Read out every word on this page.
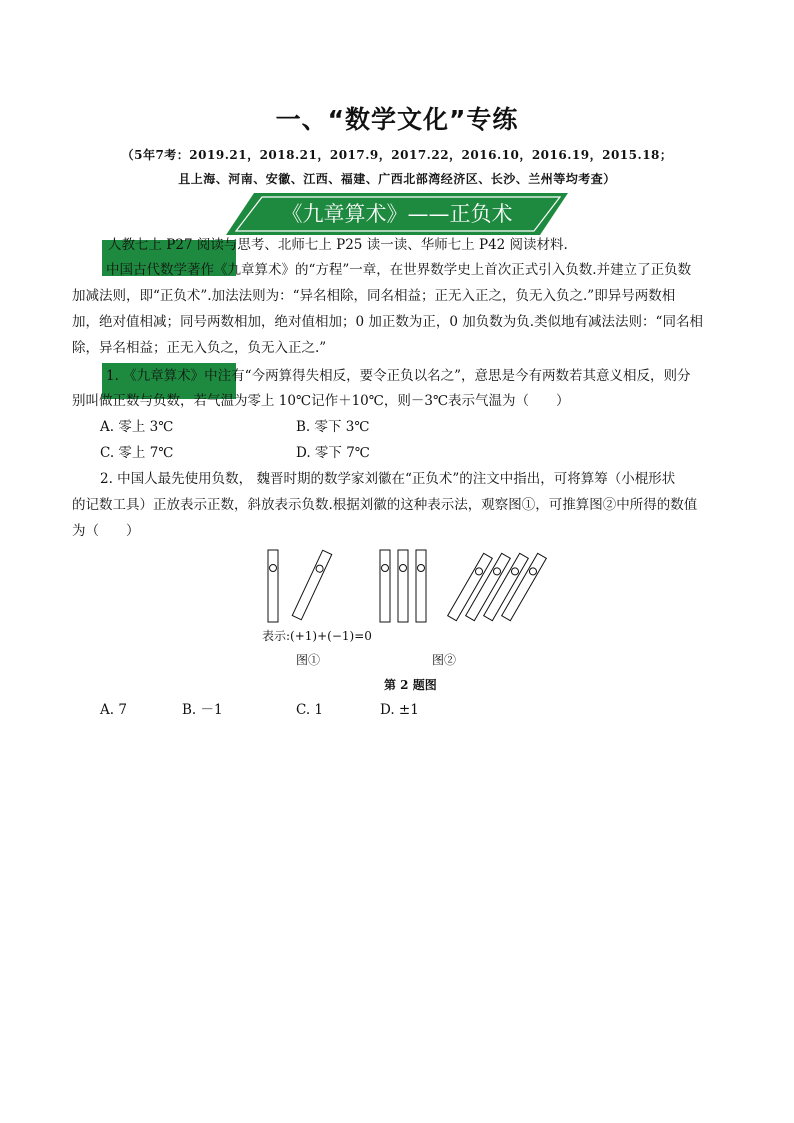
一、“数学文化”专练
（5年7考：2019.21，2018.21，2017.9，2017.22，2016.10，2016.19，2015.18；
且上海、河南、安徽、江西、福建、广西北部湾经济区、长沙、兰州等均考查）
《九章算术》——正负术
人教七上 P27 阅读与思考、北师七上 P25 读一读、华师七上 P42 阅读材料.
中国古代数学著作《九章算术》的“方程”一章，在世界数学史上首次正式引入负数.并建立了正负数
加减法则，即“正负术”.加法法则为：“异名相除，同名相益；正无入正之，负无入负之.”即异号两数相
加，绝对值相减；同号两数相加，绝对值相加；0 加正数为正，0 加负数为负.类似地有减法法则：“同名相
除，异名相益；正无入负之，负无入正之.”
1. 《九章算术》中注有“今两算得失相反，要令正负以名之”，意思是今有两数若其意义相反，则分
别叫做正数与负数，若气温为零上 10℃记作＋10℃，则－3℃表示气温为（　　）
A. 零上 3℃	B. 零下 3℃
C. 零上 7℃	D. 零下 7℃
2. 中国人最先使用负数， 魏晋时期的数学家刘徽在“正负术”的注文中指出，可将算筹（小棍形状
的记数工具）正放表示正数，斜放表示负数.根据刘徽的这种表示法，观察图①，可推算图②中所得的数值
为（　　）
表示:(+1)+(−1)=0
图①	图②
第 2 题图
A. 7	B. －1	C. 1	D. ±1
